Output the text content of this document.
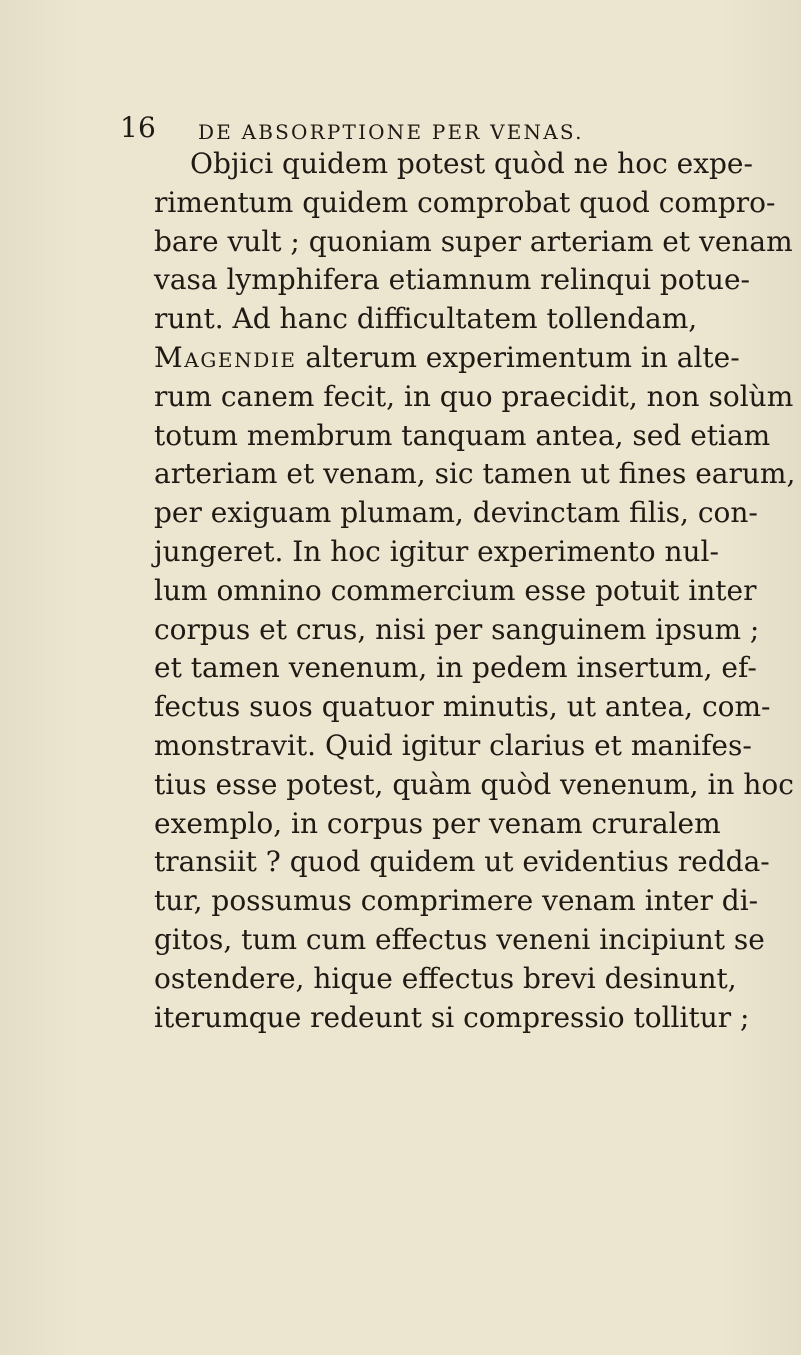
16 DE ABSORPTIONE PER VENAS.
Objici quidem potest quòd ne hoc expe-
rimentum quidem comprobat quod compro-
bare vult ; quoniam super arteriam et venam
vasa lymphifera etiamnum relinqui potue-
runt. Ad hanc difficultatem tollendam,
Magendie alterum experimentum in alte-
rum canem fecit, in quo praecidit, non solùm
totum membrum tanquam antea, sed etiam
arteriam et venam, sic tamen ut fines earum,
per exiguam plumam, devinctam filis, con-
jungeret. In hoc igitur experimento nul-
lum omnino commercium esse potuit inter
corpus et crus, nisi per sanguinem ipsum ;
et tamen venenum, in pedem insertum, ef-
fectus suos quatuor minutis, ut antea, com-
monstravit. Quid igitur clarius et manifes-
tius esse potest, quàm quòd venenum, in hoc
exemplo, in corpus per venam cruralem
transiit ? quod quidem ut evidentius redda-
tur, possumus comprimere venam inter di-
gitos, tum cum effectus veneni incipiunt se
ostendere, hique effectus brevi desinunt,
iterumque redeunt si compressio tollitur ;
